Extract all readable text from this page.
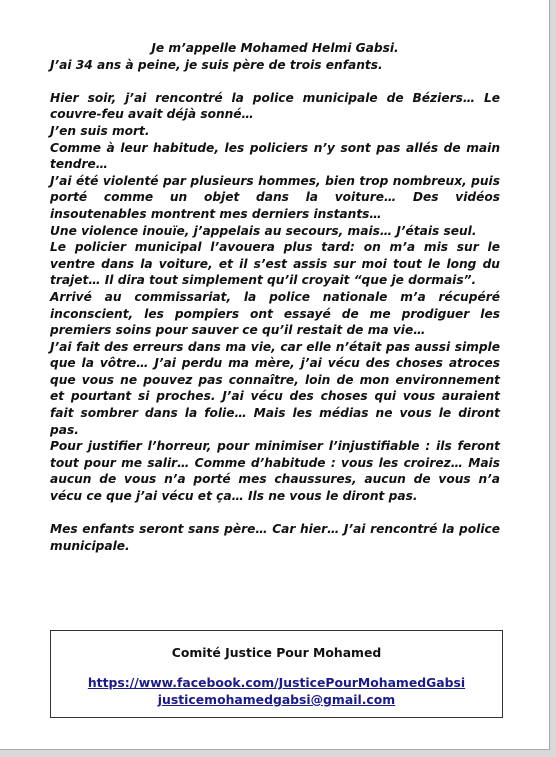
Je m’appelle Mohamed Helmi Gabsi.

J’ai 34 ans à peine, je suis père de trois enfants.

Hier soir, j’ai rencontré la police municipale de Béziers… Le couvre-feu avait déjà sonné…

J’en suis mort.

Comme à leur habitude, les policiers n’y sont pas allés de main tendre…

J’ai été violenté par plusieurs hommes, bien trop nombreux, puis porté comme un objet dans la voiture… Des vidéos insoutenables montrent mes derniers instants…

Une violence inouïe, j’appelais au secours, mais… J’étais seul.

Le policier municipal l’avouera plus tard: on m’a mis sur le ventre dans la voiture, et il s’est assis sur moi tout le long du trajet… Il dira tout simplement qu’il croyait “que je dormais”.

Arrivé au commissariat, la police nationale m’a récupéré inconscient, les pompiers ont essayé de me prodiguer les premiers soins pour sauver ce qu’il restait de ma vie…

J’ai fait des erreurs dans ma vie, car elle n’était pas aussi simple que la vôtre… J’ai perdu ma mère, j’ai vécu des choses atroces que vous ne pouvez pas connaître, loin de mon environnement et pourtant si proches. J’ai vécu des choses qui vous auraient fait sombrer dans la folie… Mais les médias ne vous le diront pas.

Pour justifier l’horreur, pour minimiser l’injustifiable : ils feront tout pour me salir… Comme d’habitude : vous les croirez… Mais aucun de vous n’a porté mes chaussures, aucun de vous n’a vécu ce que j’ai vécu et ça… Ils ne vous le diront pas.

Mes enfants seront sans père… Car hier… J’ai rencontré la police municipale.

Comité Justice Pour Mohamed
https://www.facebook.com/JusticePourMohamedGabsi
justicemohamedgabsi@gmail.com
